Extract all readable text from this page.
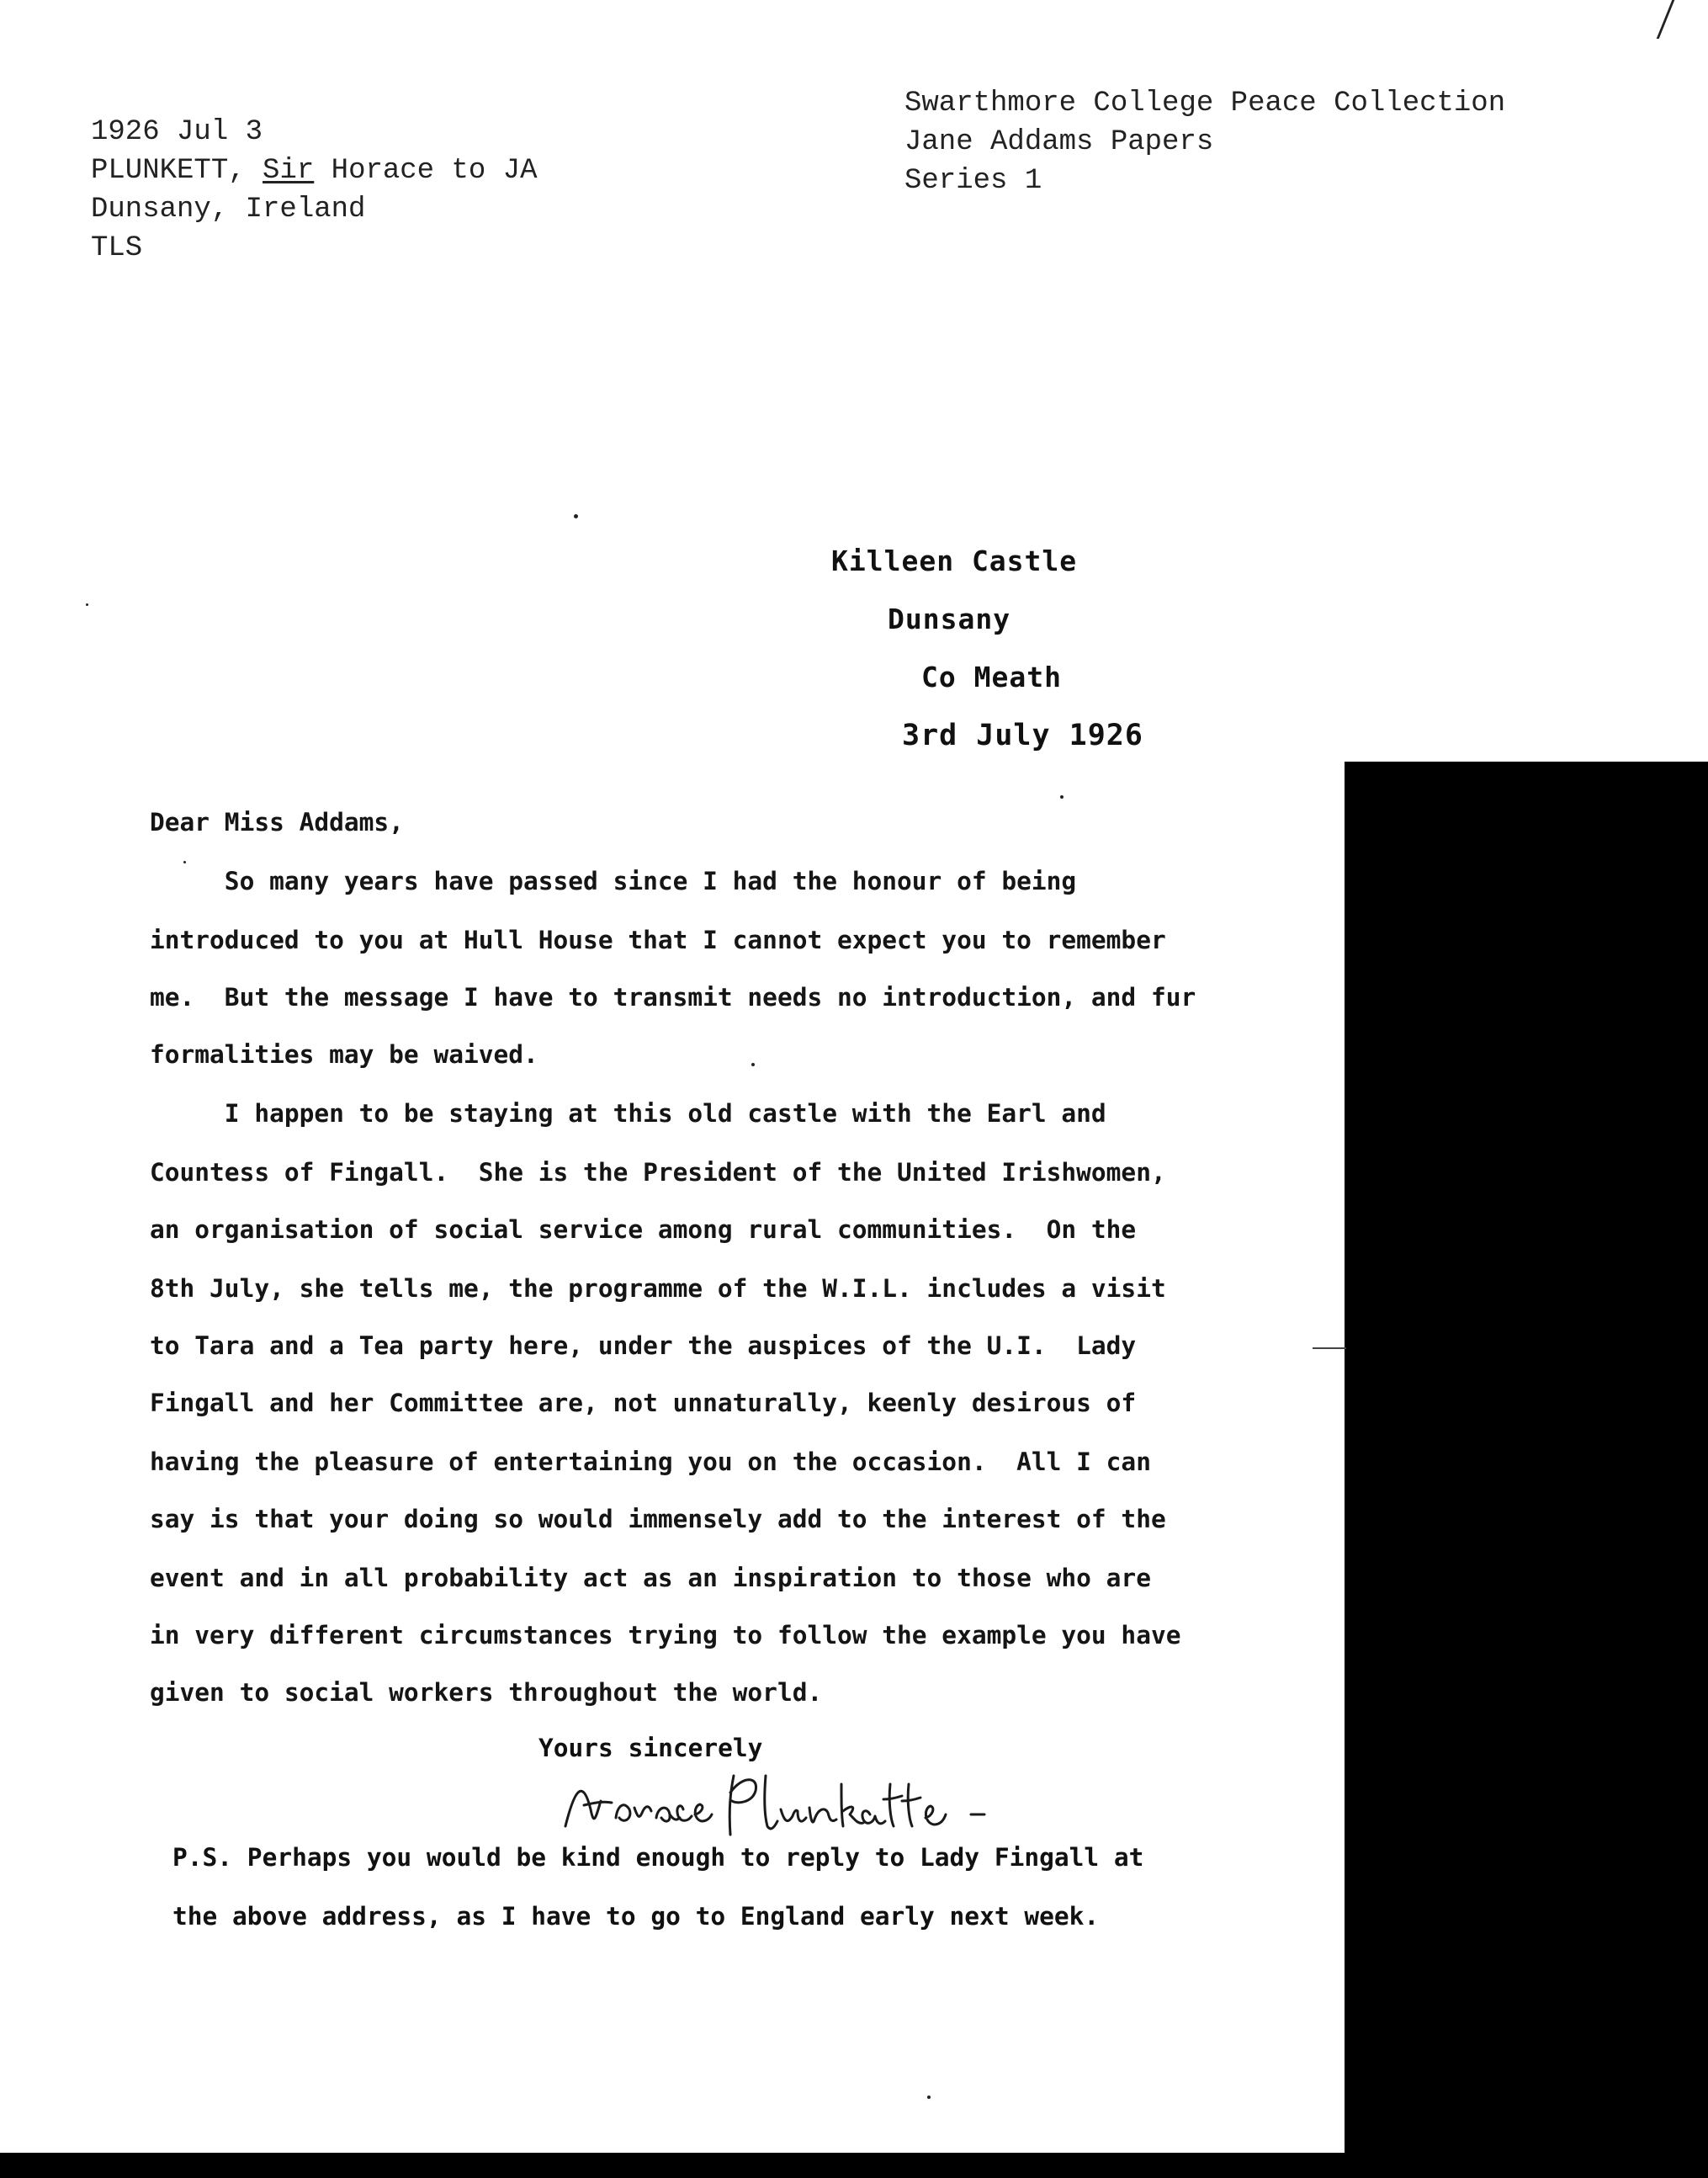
1926 Jul 3
PLUNKETT, Sir Horace to JA
Dunsany, Ireland
TLS
Swarthmore College Peace Collection
Jane Addams Papers
Series 1
Killeen Castle
Dunsany
Co Meath
3rd July 1926
Dear Miss Addams,
So many years have passed since I had the honour of being
introduced to you at Hull House that I cannot expect you to remember
me.  But the message I have to transmit needs no introduction, and fur
formalities may be waived.
I happen to be staying at this old castle with the Earl and
Countess of Fingall.  She is the President of the United Irishwomen,
an organisation of social service among rural communities.  On the
8th July, she tells me, the programme of the W.I.L. includes a visit
to Tara and a Tea party here, under the auspices of the U.I.  Lady
Fingall and her Committee are, not unnaturally, keenly desirous of
having the pleasure of entertaining you on the occasion.  All I can
say is that your doing so would immensely add to the interest of the
event and in all probability act as an inspiration to those who are
in very different circumstances trying to follow the example you have
given to social workers throughout the world.
Yours sincerely
P.S. Perhaps you would be kind enough to reply to Lady Fingall at
the above address, as I have to go to England early next week.
